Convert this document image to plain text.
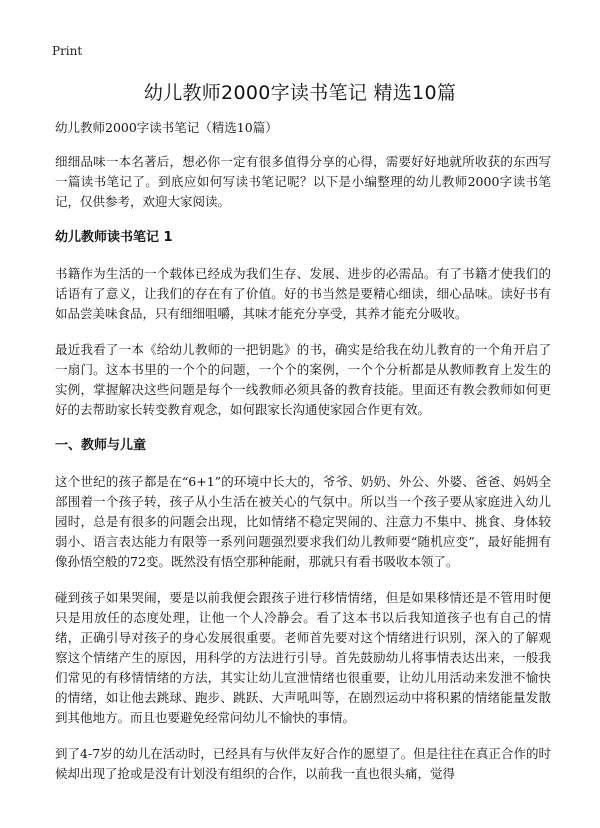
Print
幼儿教师2000字读书笔记 精选10篇
幼儿教师2000字读书笔记（精选10篇）

细细品味一本名著后，想必你一定有很多值得分享的心得，需要好好地就所收获的东西写一篇读书笔记了。到底应如何写读书笔记呢？以下是小编整理的幼儿教师2000字读书笔记，仅供参考，欢迎大家阅读。

幼儿教师读书笔记 1

书籍作为生活的一个载体已经成为我们生存、发展、进步的必需品。有了书籍才使我们的话语有了意义，让我们的存在有了价值。好的书当然是要精心细读，细心品味。读好书有如品尝美味食品，只有细细咀嚼，其味才能充分享受，其养才能充分吸收。

最近我看了一本《给幼儿教师的一把钥匙》的书，确实是给我在幼儿教育的一个角开启了一扇门。这本书里的一个个的问题，一个个的案例，一个个分析都是从教师教育上发生的实例，掌握解决这些问题是每个一线教师必须具备的教育技能。里面还有教会教师如何更好的去帮助家长转变教育观念，如何跟家长沟通使家园合作更有效。

一、教师与儿童

这个世纪的孩子都是在“6+1”的环境中长大的，爷爷、奶奶、外公、外婆、爸爸、妈妈全部围着一个孩子转，孩子从小生活在被关心的气氛中。所以当一个孩子要从家庭进入幼儿园时，总是有很多的问题会出现，比如情绪不稳定哭闹的、注意力不集中、挑食、身体较弱小、语言表达能力有限等一系列问题强烈要求我们幼儿教师要“随机应变”，最好能拥有像孙悟空般的72变。既然没有悟空那种能耐，那就只有看书吸收本领了。

碰到孩子如果哭闹，要是以前我便会跟孩子进行移情情绪，但是如果移情还是不管用时便只是用放任的态度处理，让他一个人冷静会。看了这本书以后我知道孩子也有自己的情绪，正确引导对孩子的身心发展很重要。老师首先要对这个情绪进行识别，深入的了解观察这个情绪产生的原因，用科学的方法进行引导。首先鼓励幼儿将事情表达出来，一般我们常见的有移情情绪的方法，其实让幼儿宣泄情绪也很重要，让幼儿用活动来发泄不愉快的情绪，如让他去跳球、跑步、跳跃、大声吼叫等，在剧烈运动中将积累的情绪能量发散到其他地方。而且也要避免经常问幼儿不愉快的事情。

到了4-7岁的幼儿在活动时，已经具有与伙伴友好合作的愿望了。但是往往在真正合作的时候却出现了抢或是没有计划没有组织的合作，以前我一直也很头痛，觉得
